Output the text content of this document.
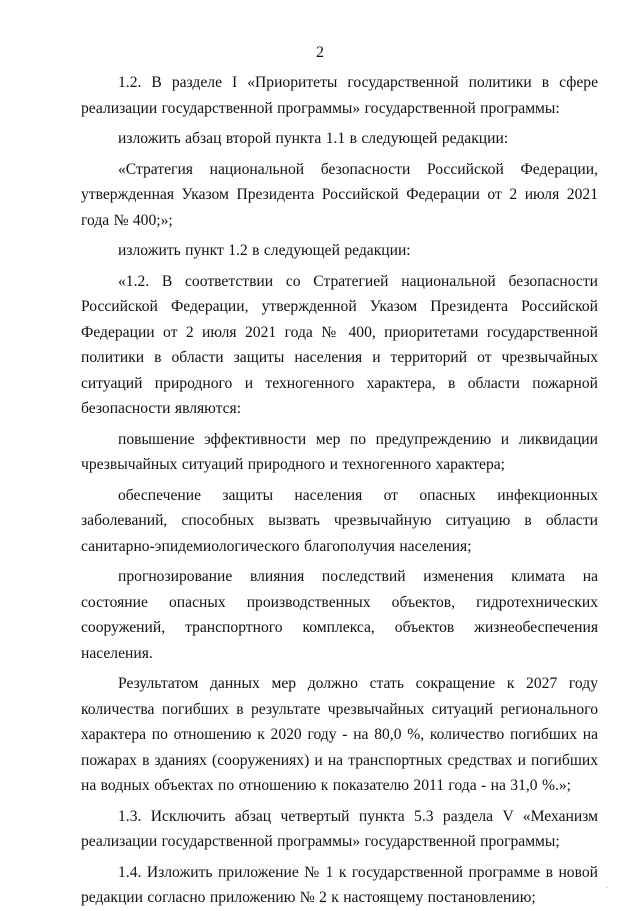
2

1.2. В разделе I «Приоритеты государственной политики в сфере реализации государственной программы» государственной программы:

изложить абзац второй пункта 1.1 в следующей редакции:

«Стратегия национальной безопасности Российской Федерации, утвержденная Указом Президента Российской Федерации от 2 июля 2021 года № 400;»;

изложить пункт 1.2 в следующей редакции:

«1.2. В соответствии со Стратегией национальной безопасности Российской Федерации, утвержденной Указом Президента Российской Федерации от 2 июля 2021 года № 400, приоритетами государственной политики в области защиты населения и территорий от чрезвычайных ситуаций природного и техногенного характера, в области пожарной безопасности являются:

повышение эффективности мер по предупреждению и ликвидации чрезвычайных ситуаций природного и техногенного характера;

обеспечение защиты населения от опасных инфекционных заболеваний, способных вызвать чрезвычайную ситуацию в области санитарно-эпидемиологического благополучия населения;

прогнозирование влияния последствий изменения климата на состояние опасных производственных объектов, гидротехнических сооружений, транспортного комплекса, объектов жизнеобеспечения населения.

Результатом данных мер должно стать сокращение к 2027 году количества погибших в результате чрезвычайных ситуаций регионального характера по отношению к 2020 году - на 80,0 %, количество погибших на пожарах в зданиях (сооружениях) и на транспортных средствах и погибших на водных объектах по отношению к показателю 2011 года - на 31,0 %.»;

1.3. Исключить абзац четвертый пункта 5.3 раздела V «Механизм реализации государственной программы» государственной программы;

1.4. Изложить приложение № 1 к государственной программе в новой редакции согласно приложению № 2 к настоящему постановлению;

.
